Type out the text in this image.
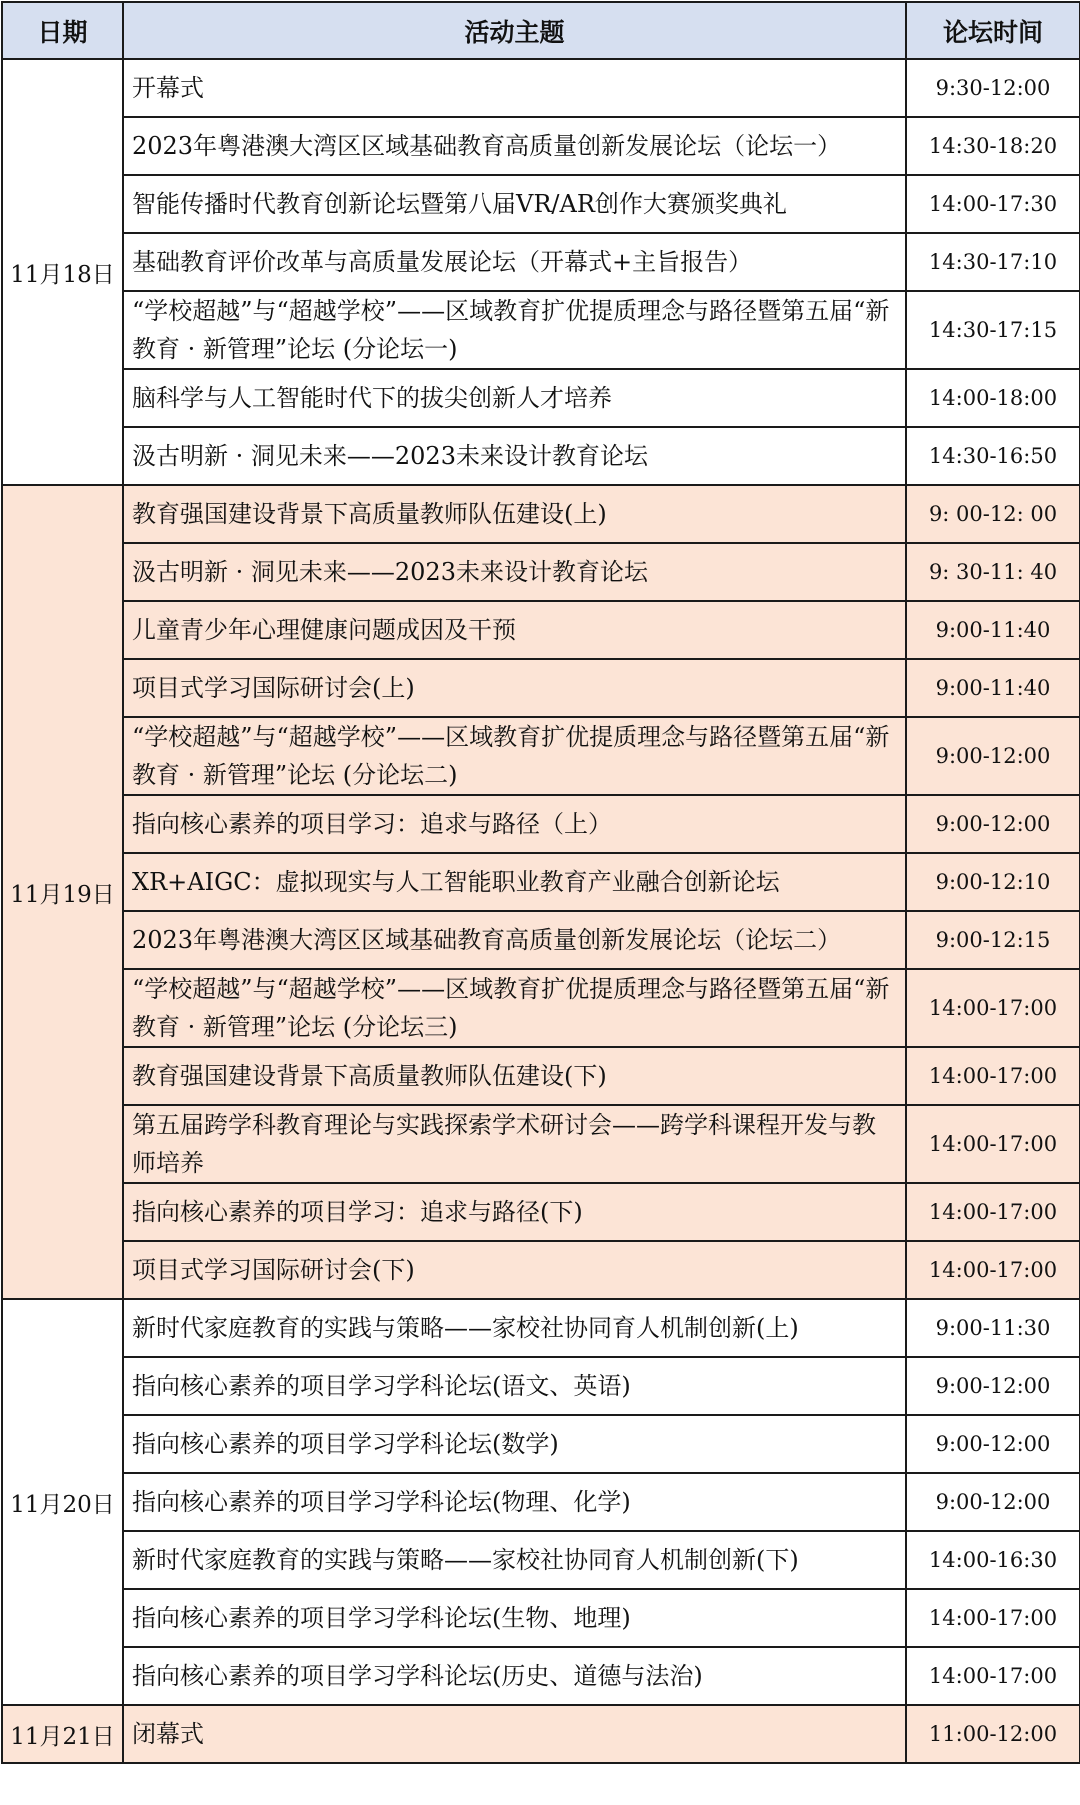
日期	活动主题	论坛时间
11月18日	开幕式	9:30-12:00
	2023年粤港澳大湾区区域基础教育高质量创新发展论坛（论坛一）	14:30-18:20
	智能传播时代教育创新论坛暨第八届VR/AR创作大赛颁奖典礼	14:00-17:30
	基础教育评价改革与高质量发展论坛（开幕式+主旨报告）	14:30-17:10
	“学校超越”与“超越学校”——区域教育扩优提质理念与路径暨第五届“新教育 · 新管理”论坛 (分论坛一)	14:30-17:15
	脑科学与人工智能时代下的拔尖创新人才培养	14:00-18:00
	汲古明新 · 洞见未来——2023未来设计教育论坛	14:30-16:50
11月19日	教育强国建设背景下高质量教师队伍建设(上)	9: 00-12: 00
	汲古明新 · 洞见未来——2023未来设计教育论坛	9: 30-11: 40
	儿童青少年心理健康问题成因及干预	9:00-11:40
	项目式学习国际研讨会(上)	9:00-11:40
	“学校超越”与“超越学校”——区域教育扩优提质理念与路径暨第五届“新教育 · 新管理”论坛 (分论坛二)	9:00-12:00
	指向核心素养的项目学习：追求与路径（上）	9:00-12:00
	XR+AIGC：虚拟现实与人工智能职业教育产业融合创新论坛	9:00-12:10
	2023年粤港澳大湾区区域基础教育高质量创新发展论坛（论坛二）	9:00-12:15
	“学校超越”与“超越学校”——区域教育扩优提质理念与路径暨第五届“新教育 · 新管理”论坛 (分论坛三)	14:00-17:00
	教育强国建设背景下高质量教师队伍建设(下)	14:00-17:00
	第五届跨学科教育理论与实践探索学术研讨会——跨学科课程开发与教师培养	14:00-17:00
	指向核心素养的项目学习：追求与路径(下)	14:00-17:00
	项目式学习国际研讨会(下)	14:00-17:00
11月20日	新时代家庭教育的实践与策略——家校社协同育人机制创新(上)	9:00-11:30
	指向核心素养的项目学习学科论坛(语文、英语)	9:00-12:00
	指向核心素养的项目学习学科论坛(数学)	9:00-12:00
	指向核心素养的项目学习学科论坛(物理、化学)	9:00-12:00
	新时代家庭教育的实践与策略——家校社协同育人机制创新(下)	14:00-16:30
	指向核心素养的项目学习学科论坛(生物、地理)	14:00-17:00
	指向核心素养的项目学习学科论坛(历史、道德与法治)	14:00-17:00
11月21日	闭幕式	11:00-12:00
